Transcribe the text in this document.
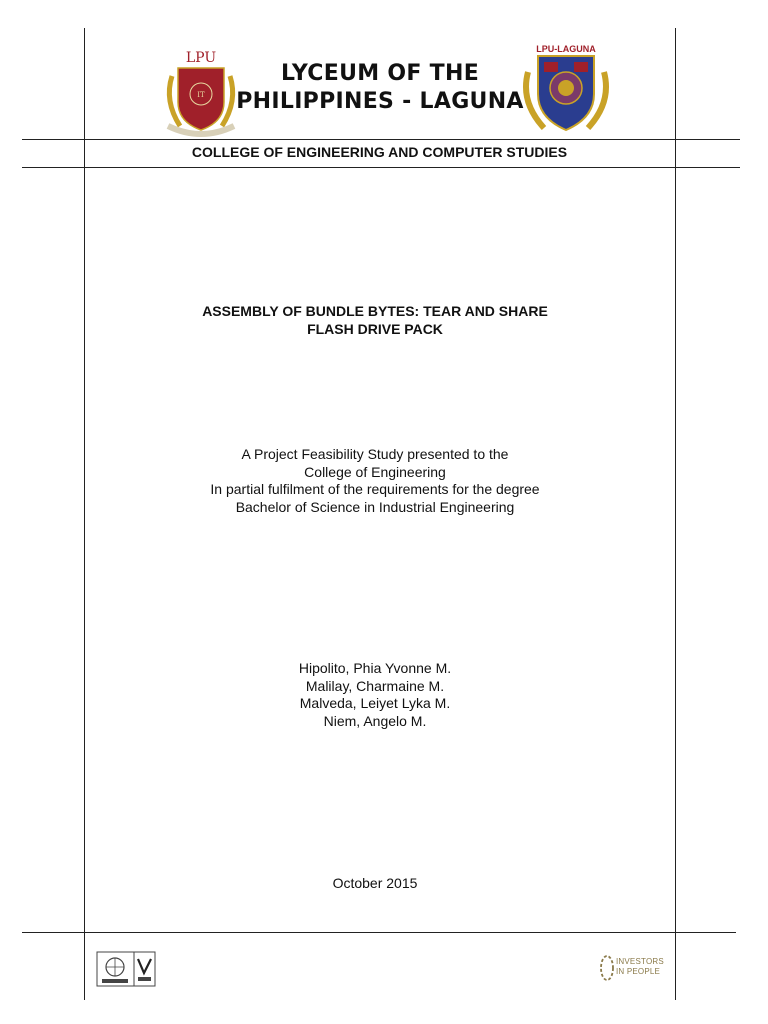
IT
LPU
LYCEUM OF THE
PHILIPPINES - LAGUNA
LPU-LAGUNA
COLLEGE OF ENGINEERING AND COMPUTER STUDIES
ASSEMBLY OF BUNDLE BYTES: TEAR AND SHARE
FLASH DRIVE PACK
A Project Feasibility Study presented to the
College of Engineering
In partial fulfilment of the requirements for the degree
Bachelor of Science in Industrial Engineering
Hipolito, Phia Yvonne M.
Malilay, Charmaine M.
Malveda, Leiyet Lyka M.
Niem, Angelo M.
October 2015
INVESTORS
IN PEOPLE
